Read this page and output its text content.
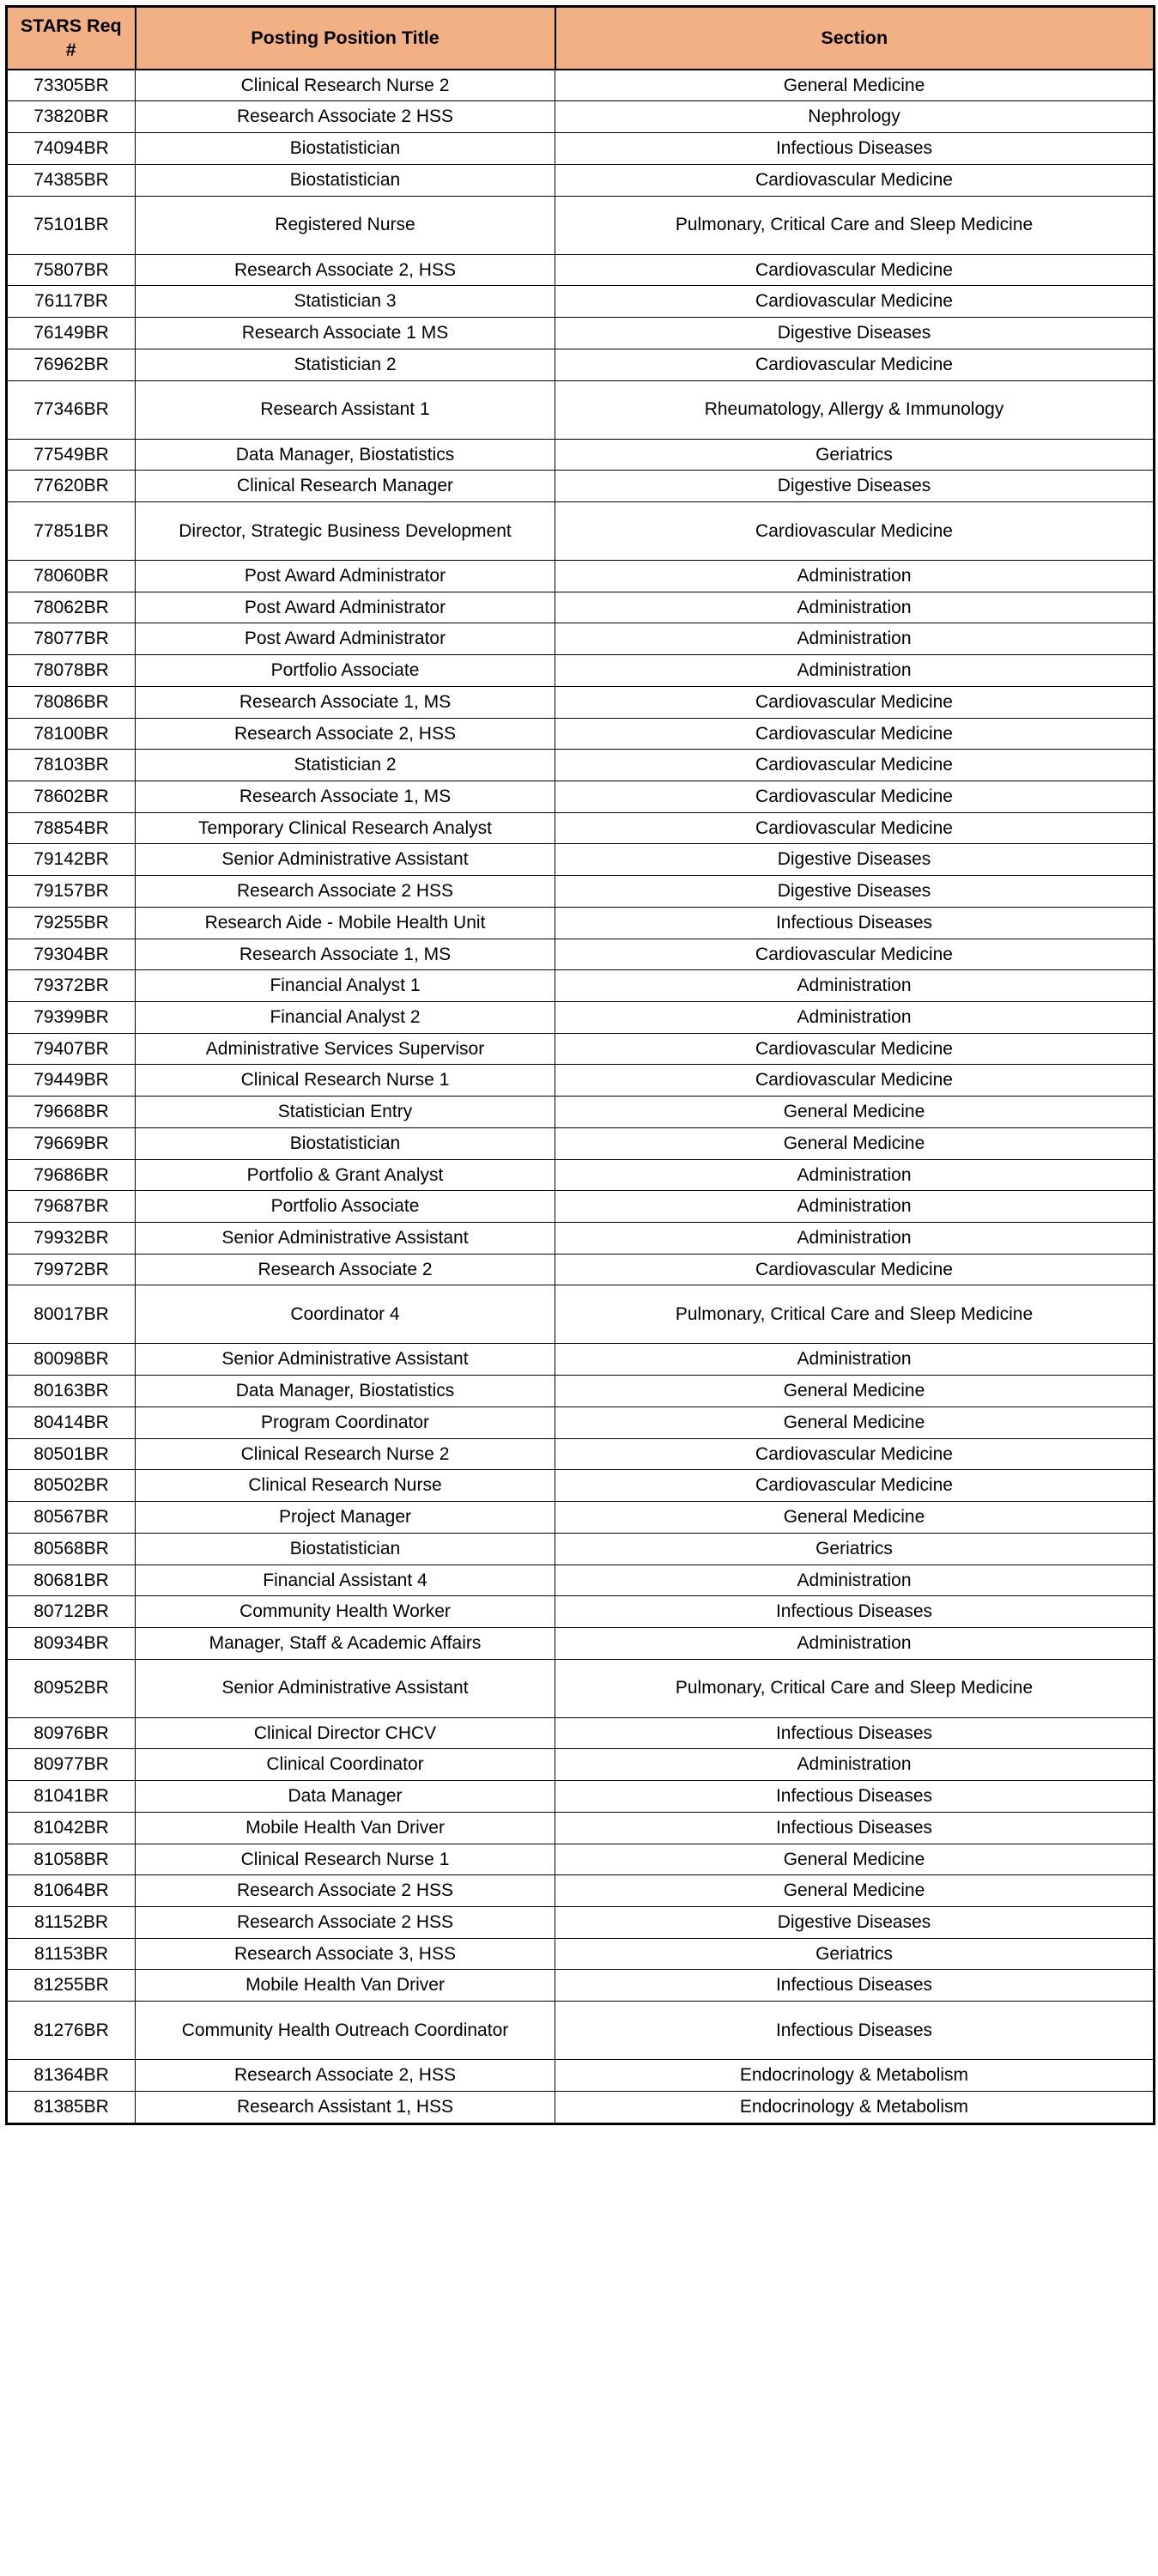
STARS Req #	Posting Position Title	Section
73305BR	Clinical Research Nurse 2	General Medicine
73820BR	Research Associate 2 HSS	Nephrology
74094BR	Biostatistician	Infectious Diseases
74385BR	Biostatistician	Cardiovascular Medicine
75101BR	Registered Nurse	Pulmonary, Critical Care and Sleep Medicine
75807BR	Research Associate 2, HSS	Cardiovascular Medicine
76117BR	Statistician 3	Cardiovascular Medicine
76149BR	Research Associate 1 MS	Digestive Diseases
76962BR	Statistician 2	Cardiovascular Medicine
77346BR	Research Assistant 1	Rheumatology, Allergy & Immunology
77549BR	Data Manager, Biostatistics	Geriatrics
77620BR	Clinical Research Manager	Digestive Diseases
77851BR	Director, Strategic Business Development	Cardiovascular Medicine
78060BR	Post Award Administrator	Administration
78062BR	Post Award Administrator	Administration
78077BR	Post Award Administrator	Administration
78078BR	Portfolio Associate	Administration
78086BR	Research Associate 1, MS	Cardiovascular Medicine
78100BR	Research Associate 2, HSS	Cardiovascular Medicine
78103BR	Statistician 2	Cardiovascular Medicine
78602BR	Research Associate 1, MS	Cardiovascular Medicine
78854BR	Temporary Clinical Research Analyst	Cardiovascular Medicine
79142BR	Senior Administrative Assistant	Digestive Diseases
79157BR	Research Associate 2 HSS	Digestive Diseases
79255BR	Research Aide - Mobile Health Unit	Infectious Diseases
79304BR	Research Associate 1, MS	Cardiovascular Medicine
79372BR	Financial Analyst 1	Administration
79399BR	Financial Analyst 2	Administration
79407BR	Administrative Services Supervisor	Cardiovascular Medicine
79449BR	Clinical Research Nurse 1	Cardiovascular Medicine
79668BR	Statistician Entry	General Medicine
79669BR	Biostatistician	General Medicine
79686BR	Portfolio & Grant Analyst	Administration
79687BR	Portfolio Associate	Administration
79932BR	Senior Administrative Assistant	Administration
79972BR	Research Associate 2	Cardiovascular Medicine
80017BR	Coordinator 4	Pulmonary, Critical Care and Sleep Medicine
80098BR	Senior Administrative Assistant	Administration
80163BR	Data Manager, Biostatistics	General Medicine
80414BR	Program Coordinator	General Medicine
80501BR	Clinical Research Nurse 2	Cardiovascular Medicine
80502BR	Clinical Research Nurse	Cardiovascular Medicine
80567BR	Project Manager	General Medicine
80568BR	Biostatistician	Geriatrics
80681BR	Financial Assistant 4	Administration
80712BR	Community Health Worker	Infectious Diseases
80934BR	Manager, Staff & Academic Affairs	Administration
80952BR	Senior Administrative Assistant	Pulmonary, Critical Care and Sleep Medicine
80976BR	Clinical Director CHCV	Infectious Diseases
80977BR	Clinical Coordinator	Administration
81041BR	Data Manager	Infectious Diseases
81042BR	Mobile Health Van Driver	Infectious Diseases
81058BR	Clinical Research Nurse 1	General Medicine
81064BR	Research Associate 2 HSS	General Medicine
81152BR	Research Associate 2 HSS	Digestive Diseases
81153BR	Research Associate 3, HSS	Geriatrics
81255BR	Mobile Health Van Driver	Infectious Diseases
81276BR	Community Health Outreach Coordinator	Infectious Diseases
81364BR	Research Associate 2, HSS	Endocrinology & Metabolism
81385BR	Research Assistant 1, HSS	Endocrinology & Metabolism
